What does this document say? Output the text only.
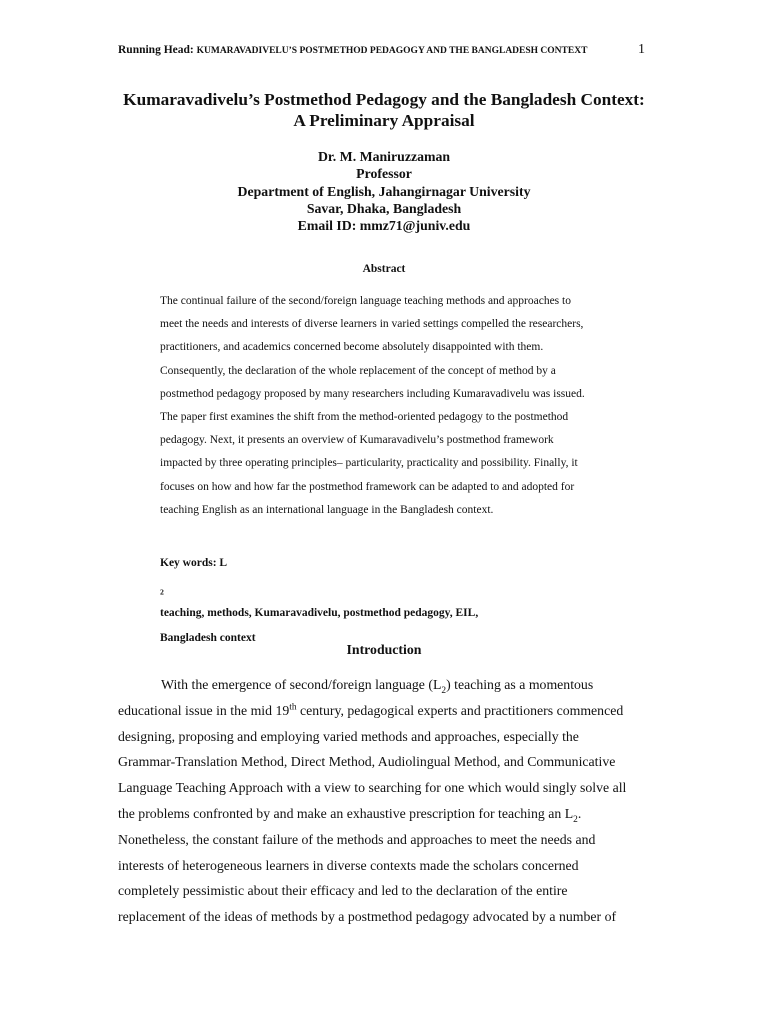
Running Head: KUMARAVADIVELU’S POSTMETHOD PEDAGOGY AND THE BANGLADESH CONTEXT	1
Kumaravadivelu’s Postmethod Pedagogy and the Bangladesh Context:
A Preliminary Appraisal
Dr. M. Maniruzzaman
Professor
Department of English, Jahangirnagar University
Savar, Dhaka, Bangladesh
Email ID: mmz71@juniv.edu
Abstract
The continual failure of the second/foreign language teaching methods and approaches to
meet the needs and interests of diverse learners in varied settings compelled the researchers,
practitioners, and academics concerned become absolutely disappointed with them.
Consequently, the declaration of the whole replacement of the concept of method by a
postmethod pedagogy proposed by many researchers including Kumaravadivelu was issued.
The paper first examines the shift from the method-oriented pedagogy to the postmethod
pedagogy. Next, it presents an overview of Kumaravadivelu’s postmethod framework
impacted by three operating principles– particularity, practicality and possibility. Finally, it
focuses on how and how far the postmethod framework can be adapted to and adopted for
teaching English as an international language in the Bangladesh context.
Key words: L
$_2$
teaching, methods, Kumaravadivelu, postmethod pedagogy, EIL,
Bangladesh context
Introduction
With the emergence of second/foreign language $(L_2)$ teaching as a momentous
educational issue in the mid 19th century, pedagogical experts and practitioners commenced
designing, proposing and employing varied methods and approaches, especially the
Grammar-Translation Method, Direct Method, Audiolingual Method, and Communicative
Language Teaching Approach with a view to searching for one which would singly solve all
the problems confronted by and make an exhaustive prescription for teaching an $L_2$.
Nonetheless, the constant failure of the methods and approaches to meet the needs and
interests of heterogeneous learners in diverse contexts made the scholars concerned
completely pessimistic about their efficacy and led to the declaration of the entire
replacement of the ideas of methods by a postmethod pedagogy advocated by a number of
